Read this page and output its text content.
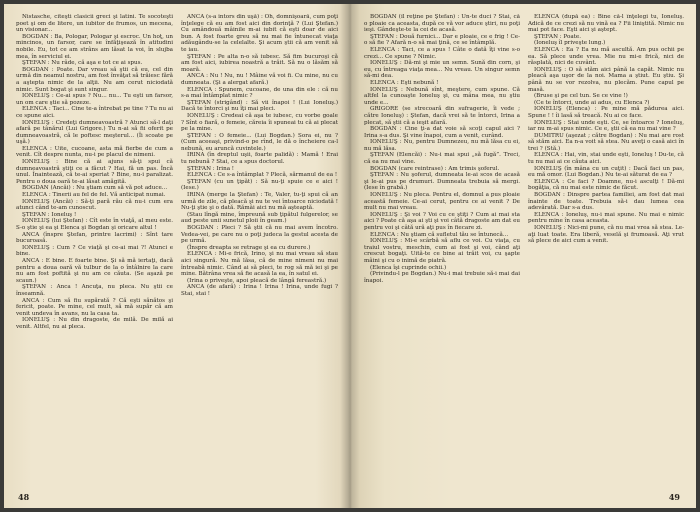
Nistasche, citeşti clasicii greci şi latini. Te socoteşti poet şi om de litere, un iubitor de frumos, un mecena, un visionar...

BOGDAN : Ba, Pologar, Pologar şi escroc. Un hoţ, un mincinos, un farsor, care se înfăţişează în atitudini nobile. Eu, tot ce am strâns am lăsat la voi, în slujba mea, în serviciul ei.

ŞTEFAN : Nu râde, că aşa e tot ce ai spus.

BOGDAN : Poate. Dar vreau să ştii că eu, cel din urmă din neamul nostru, am fost învăţat să trăiesc fără a aştepta nimic de la alţii. Nu am cerut niciodată nimic. Sunt bogat şi sunt singur.

IONELUŞ : Ce-ai spus ? Nu... nu... Tu eşti un farsor, un om care ştie să pozeze.

ELENCA : Taci... Cine te-a întrebat pe tine ? Tu nu ai ce spune aici.

IONELUŞ : Credeţi dumneavoastră ? Atunci să-l daţi afară pe tânărul (Lui Grigore.) Tu n-ai să fii oferit pe dumneavoastră, că le poftesc meşterul... (Îi scoate pe uşă.)

ELENCA : Uite, cucoane, asta mă fierbe de cum a venit. Cît despre nunta, nu-i pe placul de nimeni.

IONELUŞ : Bine că ai ajuns să-ţi spui că dumneavoastră ştiţi ce a făcut ? Hai, fă un pas. Încă unul. Înaintează, că te-ai speriat ? Bine, nu-i paralizat. Pentru o doua oară te-ai lăsat amăgită.

BOGDAN (Ancăi) : Nu ştiam cum să vă pot aduce...

ELENCA : Tinerii au fel de fel. Vă anticipat numai.

IONELUŞ (Ancăi) : Să-ţi pară rău că nu-i cum era atunci când te-am cunoscut.

ŞTEFAN : Ioneluş !

IONELUŞ (lui Ştefan) : Cît este în viaţă, al meu este. S-o ştie şi ea şi Elenca şi Bogdan şi oricare altul !

ANCA (înspre Ştefan, printre lacrimi) : Sînt tare bucuroasă.

IONELUŞ : Cum ? Ce viaţă şi ce-ai mai ?! Atunci e bine.

ANCA : E bine. E foarte bine. Şi să mă iertaţi, dacă pentru a doua oară vă tulbur de la o întâlnire la care nu am fost poftită şi nu am ce căuta. (Se aşază pe scaun.)

ŞTEFAN : Anca ! Ancuţa, nu pleca. Nu ştii ce înseamnă.

ANCA : Cum să fiu supărată ? Că eşti sănătos şi fericit, poate. Pe mine, cel mult, să mă supăr că am venit undeva în avans, nu la casa ta.

IONELUŞ : Nu din dragoste, de milă. De milă ai venit. Altfel, nu ai pleca.

ANCA (s-a întors din uşă) : Oh, domnişoară, cum poţi înţelege că eu am fost aici din dorinţă ? (Lui Ştefan.) Cu amândouă mâinile m-ai iubit că eşti doar de aici bun. A fost foarte greu să nu mai fie întunecat viaţa adăugându-se la celelalte. Şi acum ştii că am venit să te iau.

ŞTEFAN : Pe alta n-o să iubesc. Să fim bucuroşi că am fost aici, iubirea noastră a trăit. Să nu o lăsăm să moară.

ANCA : Nu ! Nu, nu ! Mâine vă voi fi. Cu mine, nu cu dumneata. (Şi a alergat afară.)

ELENCA : Spunem, cucoane, de una din ele : că nu s-a mai întâmplat nimic ?

ŞTEFAN (strigând) : Să vii înapoi ! (Lui Ioneluş.) Dacă te întorci şi nu îţi mai pleci.

IONELUŞ : Credeai că aşa te iubesc, cu vorbe goale ? Sînt o fiară, o femeie, căreia îi spuneai tu că ai plecat pe la mine.

ŞTEFAN : O femeie... (Lui Bogdan.) Sora ei, nu ? (Cum aceeaşi, privind-o pe rînd, le dă o încheiere ca-l nebună, eu aruncă cuvintele.)

IRINA (în dreptul uşii, foarte palidă) : Mamă ! Erai tu nebună ? Stai, ce a spus doctorul.

ŞTEFAN : Irina !

ELENCA : Ce s-a întâmplat ? Plecă, sărmanul de ea !

ŞTEFAN (cu un ţipăt) : Să nu-ţi spuie ce e aici ! (Iese.)

IRINA (merge la Ştefan) : Te, Valer, tu-ţi spui că an urmă de zile, că pleacă şi nu te vei întoarce niciodată ! Nu-ţi ştie şi o dată. Rămâi aici nu mă aşteaptă.

(Stau lîngă mine, împreună sub ţipătul fulgerelor, se aud peste unii sunetul ploii în geam.)

BOGDAN : Pleci ? Să ştii că nu mai avem încotro. Vedea-vei, pe care nu o poţi judeca la gestul acesta de pe urmă.

(Înspre dreapta se retrage şi ea cu durere.)

ELENCA : Mi-e frică, Irino, şi nu mai vreau să stau aici singură. Nu mă lăsa, că de mine nimeni nu mai întreabă nimic. Când ai să pleci, te rog să mă iei şi pe mine. Bătrâna vrea să fie acasă la ea, în satul ei.

(Irina o priveşte, apoi pleacă de lângă fereastră.)

ANCA (de afară) : Irina ! Irina ! Irina, unde fugi ? Stai, stai !

48

BOGDAN (îl reţine pe Ştefan) : Un-te duci ? Stai, că o ploaie ca aceasta, după ce vă vor aduce ştiri, nu poţi ieşi. Gândeşte-te la cei de acasă.

ŞTEFAN : Două furnici... Dar e ploaie, ce e frig ! Ce-o să fie ? Afară n-o să mai ţină, ce se întâmplă.

ELENCA : Taci, ce a spus ! Câte o dată îţi vine s-o crezi... Ce spune ? Nimic.

IONELUŞ : Dă-mi şi mie un semn. Sună din corn, şi eu, cu întreaga viaţa mea... Nu vreau. Un singur semn să-mi dea.

ELENCA : Eşti nebună !

IONELUŞ : Nebună sînt, meştere, cum spune. Că altfel la cunoaşte Ioneluş şi, cu mâna mea, nu ştiu unde e...

GRIGORE (se strecoară din sufragerie, îi vede ; către Ioneluş) : Ştefan, dacă vrei să te întorci, Irina a plecat, să ştii că a ieşit afară.

BOGDAN : Cine ţi-a dat voie să scoţi capul aici ? Irina s-a dus. Şi vine înapoi, cum a venit, curând.

IONELUŞ : Nu, pentru Dumnezeu, nu mă lăsa cu ei, nu mă lăsa.

ŞTEFAN (Elencăi) : Nu-i mai spui „să fugă”. Treci, că ea nu mai vine.

BOGDAN (care reintrase) : Am trimis şoferul.

ŞTEFAN : Nu şoferul, dumneata le-ai scos de acasă şi le-ai pus pe drumuri. Dumneata trebuia să mergi. (Iese în grabă.)

IONELUŞ : Nu pleca. Pentru el, domnul a pus ploaie această femeie. Ce-ai cerut, pentru ce ai venit ? De mult nu mai vreau.

IONELUŞ : Şi voi ? Voi cu ce ştiţi ? Cum ai mai sta aici ? Poate că aşa ai şti şi voi câtă dragoste am dat eu pentru voi şi câtă ură aţi pus în fiecare zi.

ELENCA : Nu ştiam că sufletul tău se întunecă...

IONELUŞ : Mi-e scârbă să aflu ce voi. Cu viaţa, cu traiul vostru, meschin, cum ai fost şi voi, când aţi crescut bogaţi. Uită-te ce bine ai trăit voi, cu şapte mâini şi cu o inimă de piatră.

(Elenca îşi cuprinde ochii.)

(Privindu-l pe Bogdan.) Nu-i mai trebuie să-i mai dai înapoi.

ELENCA (după ea) : Bine că-l înţelegi tu, Ioneluş. Adică de ce crezi să nu vină ea ? Fii liniştită. Nimic nu mai pot face. Eşti aici şi aştept.

ŞTEFAN : Poate.

(Ioneluş îl priveşte lung.)

ELENCA : Ea ? Ea nu mă ascultă. Am pus ochii pe ea. Să plece unde vrea. Mie nu mi-e frică, nici de răsplată, nici de cuvânt.

IONELUŞ : O să stăm aici până la capăt. Nimic nu pleacă aşa uşor de la noi. Mama a ştiut. Eu ştiu. Şi până nu se vor rezolva, nu plecăm. Pune capul pe masă.

(Bruse şi pe cel tun. Se ce vine !)

(Ce te întorci, unde ai adus, cu Elenca ?)

IONELUŞ (Elenca) : Pe mine mă pădurea aici. Spune ! ! îi lasă să treacă. Nu ai ce face.

IONELUŞ : Stai unde eşti. Ce, se întoarce ? Ioneluş, iar nu m-ai spus nimic. Ce e, ştii că ea nu mai vine ?

DUMITRU (aşezat ; către Bogdan) : Nu mai are rost să stăm aici. Ea n-a voit să stea. Nu aveţi o casă aici în trei ? (Stă.)

ELENCA : Hai, vin, stai unde eşti, Ioneluş ! Du-te, că tu nu mai ai ce căuta aici.

IONELUŞ (în mâna cu un cuţit) : Dacă faci un pas, eu mă omor. (Lui Bogdan.) Nu te-ai săturat de ea ?

ELENCA : Ce faci ? Doamne, nu-i asculţi ! Dă-mi bogăţia, că nu mai este nimic de făcut.

BOGDAN : Dinspre partea familiei, am fost dat mai înainte de toate. Trebuia să-i dau lumea cea adevărată. Dar s-a dus.

ELENCA : Ioneluş, nu-i mai spune. Nu mai e nimic pentru mine în casa aceasta.

IONELUŞ : Nici-mi pune, că nu mai vrea să stea. Le-aţi luat toate. Era liberă, veselă şi frumoasă. Aţi vrut să plece de aici cum a venit.

49
